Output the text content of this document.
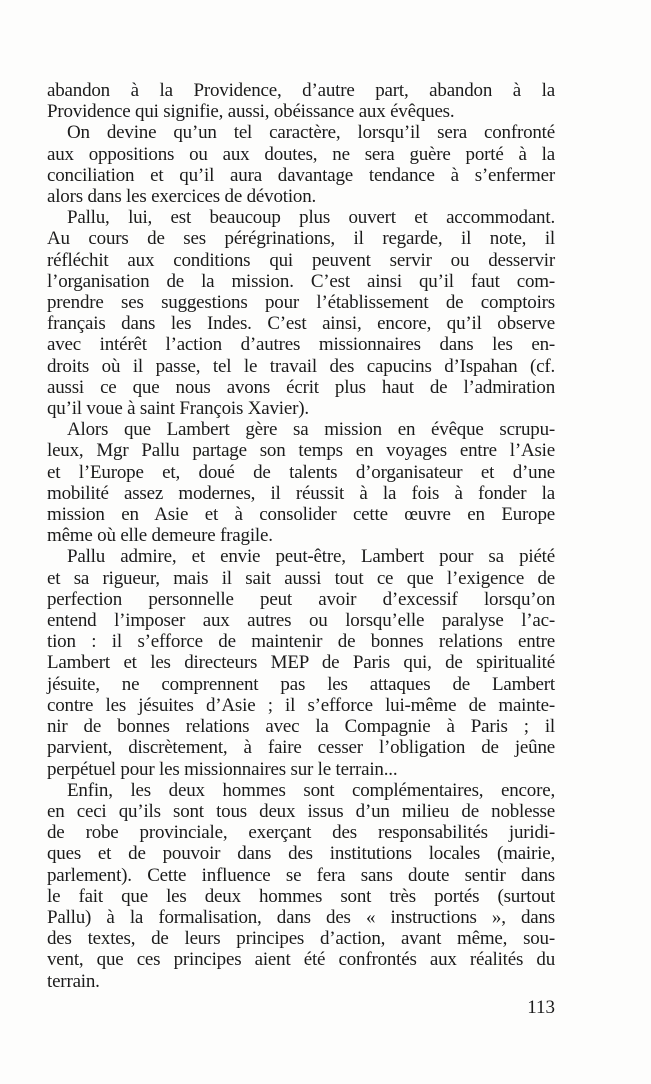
abandon à la Providence, d’autre part, abandon à la
Providence qui signifie, aussi, obéissance aux évêques.
On devine qu’un tel caractère, lorsqu’il sera confronté
aux oppositions ou aux doutes, ne sera guère porté à la
conciliation et qu’il aura davantage tendance à s’enfermer
alors dans les exercices de dévotion.
Pallu, lui, est beaucoup plus ouvert et accommodant.
Au cours de ses pérégrinations, il regarde, il note, il
réfléchit aux conditions qui peuvent servir ou desservir
l’organisation de la mission. C’est ainsi qu’il faut com-
prendre ses suggestions pour l’établissement de comptoirs
français dans les Indes. C’est ainsi, encore, qu’il observe
avec intérêt l’action d’autres missionnaires dans les en-
droits où il passe, tel le travail des capucins d’Ispahan (cf.
aussi ce que nous avons écrit plus haut de l’admiration
qu’il voue à saint François Xavier).
Alors que Lambert gère sa mission en évêque scrupu-
leux, Mgr Pallu partage son temps en voyages entre l’Asie
et l’Europe et, doué de talents d’organisateur et d’une
mobilité assez modernes, il réussit à la fois à fonder la
mission en Asie et à consolider cette œuvre en Europe
même où elle demeure fragile.
Pallu admire, et envie peut-être, Lambert pour sa piété
et sa rigueur, mais il sait aussi tout ce que l’exigence de
perfection personnelle peut avoir d’excessif lorsqu’on
entend l’imposer aux autres ou lorsqu’elle paralyse l’ac-
tion : il s’efforce de maintenir de bonnes relations entre
Lambert et les directeurs MEP de Paris qui, de spiritualité
jésuite, ne comprennent pas les attaques de Lambert
contre les jésuites d’Asie ; il s’efforce lui-même de mainte-
nir de bonnes relations avec la Compagnie à Paris ; il
parvient, discrètement, à faire cesser l’obligation de jeûne
perpétuel pour les missionnaires sur le terrain...
Enfin, les deux hommes sont complémentaires, encore,
en ceci qu’ils sont tous deux issus d’un milieu de noblesse
de robe provinciale, exerçant des responsabilités juridi-
ques et de pouvoir dans des institutions locales (mairie,
parlement). Cette influence se fera sans doute sentir dans
le fait que les deux hommes sont très portés (surtout
Pallu) à la formalisation, dans des « instructions », dans
des textes, de leurs principes d’action, avant même, sou-
vent, que ces principes aient été confrontés aux réalités du
terrain.
113
